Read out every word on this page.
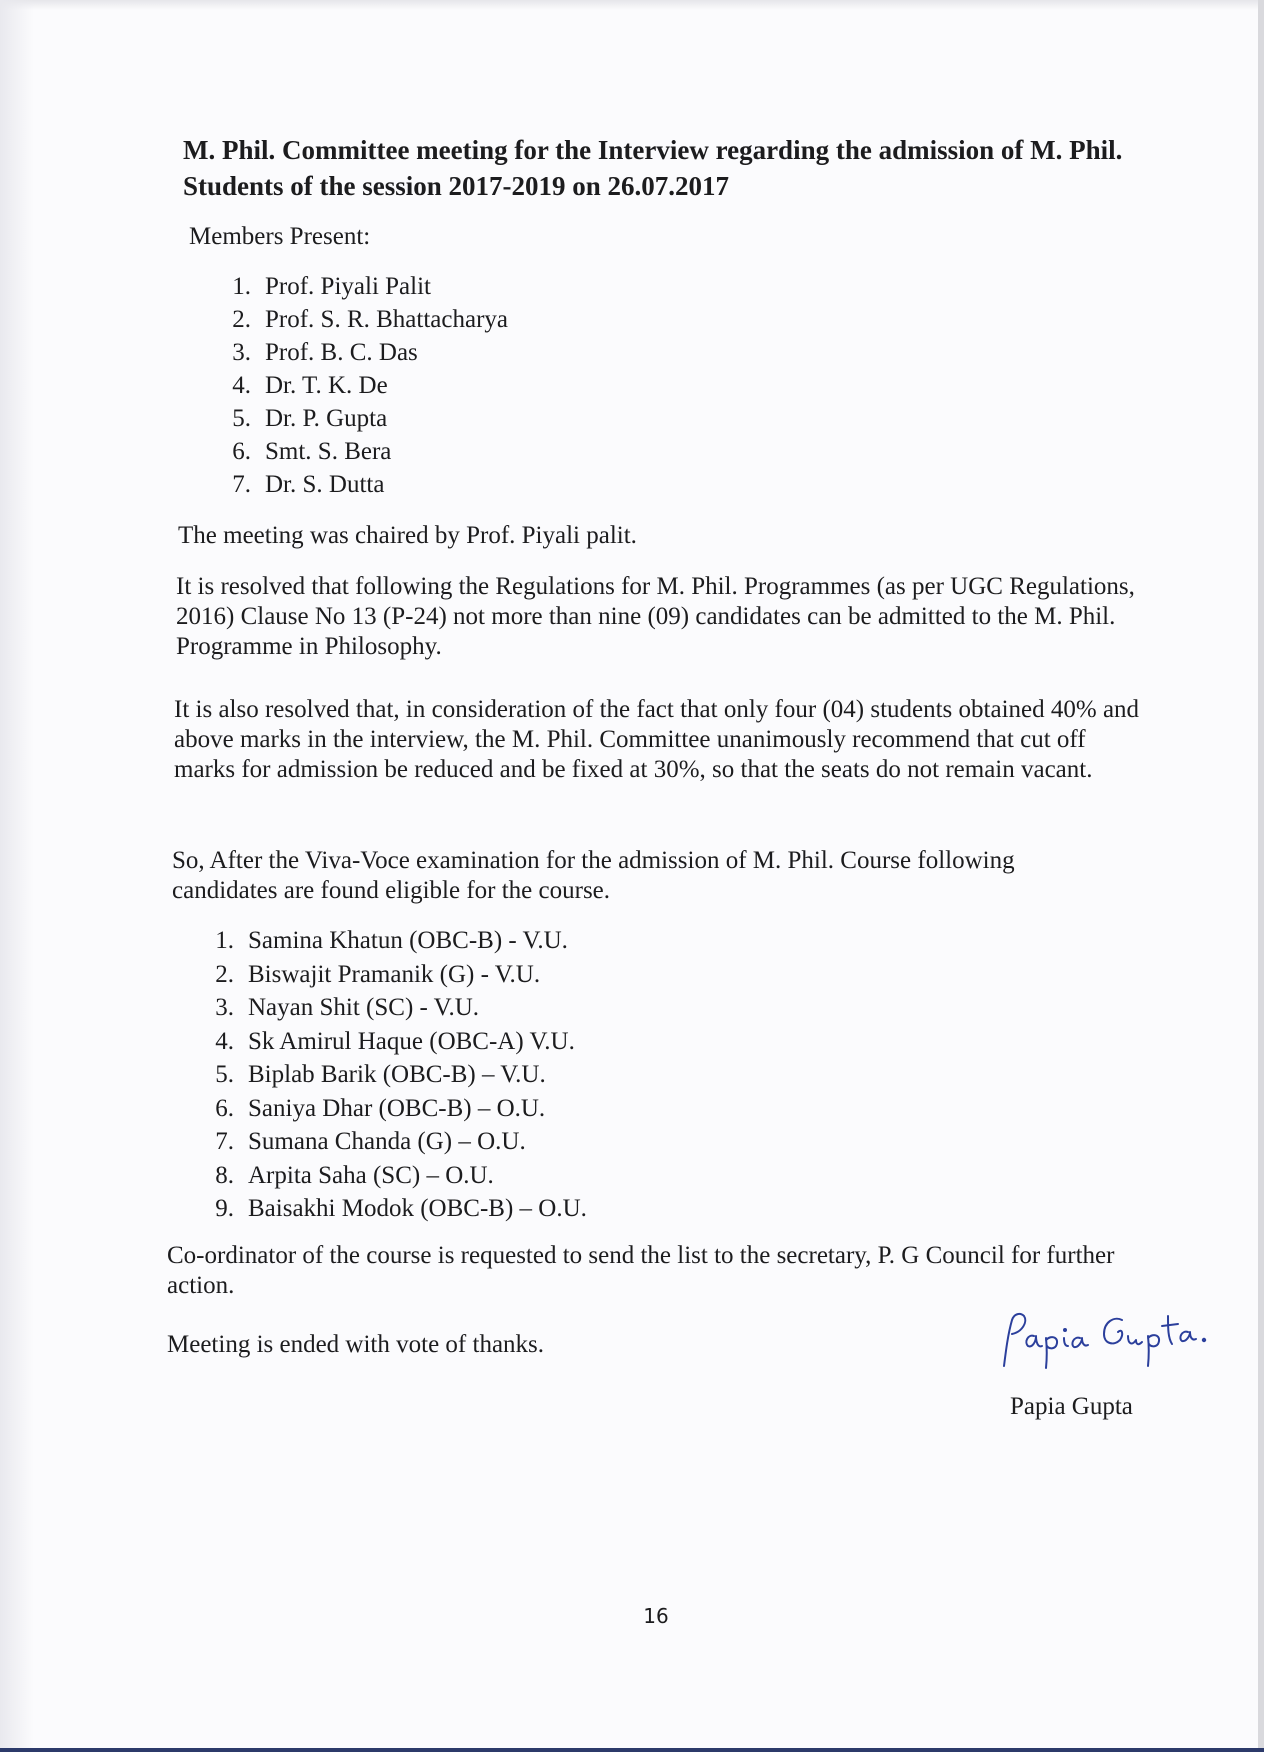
M. Phil. Committee meeting for the Interview regarding the admission of M. Phil. Students of the session 2017-2019 on 26.07.2017

Members Present:

1. Prof. Piyali Palit
2. Prof. S. R. Bhattacharya
3. Prof. B. C. Das
4. Dr. T. K. De
5. Dr. P. Gupta
6. Smt. S. Bera
7. Dr. S. Dutta

The meeting was chaired by Prof. Piyali palit.

It is resolved that following the Regulations for M. Phil. Programmes (as per UGC Regulations, 2016) Clause No 13 (P-24) not more than nine (09) candidates can be admitted to the M. Phil. Programme in Philosophy.

It is also resolved that, in consideration of the fact that only four (04) students obtained 40% and above marks in the interview, the M. Phil. Committee unanimously recommend that cut off marks for admission be reduced and be fixed at 30%, so that the seats do not remain vacant.

So, After the Viva-Voce examination for the admission of M. Phil. Course following candidates are found eligible for the course.

1. Samina Khatun (OBC-B) - V.U.
2. Biswajit Pramanik (G) - V.U.
3. Nayan Shit (SC) - V.U.
4. Sk Amirul Haque (OBC-A) V.U.
5. Biplab Barik (OBC-B) – V.U.
6. Saniya Dhar (OBC-B) – O.U.
7. Sumana Chanda (G) – O.U.
8. Arpita Saha (SC) – O.U.
9. Baisakhi Modok (OBC-B) – O.U.

Co-ordinator of the course is requested to send the list to the secretary, P. G Council for further action.

Meeting is ended with vote of thanks.

Papia Gupta
16
